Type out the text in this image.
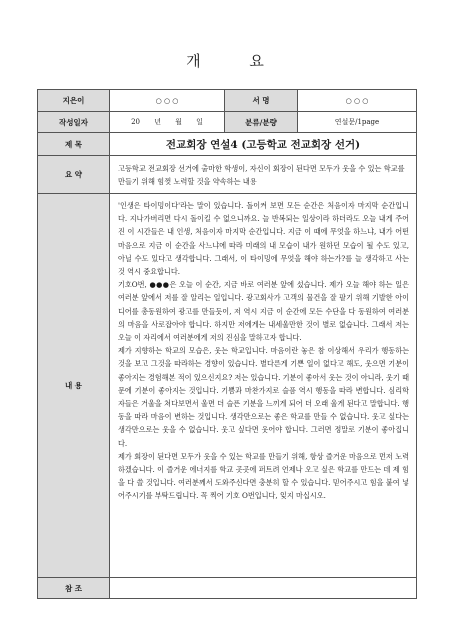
개 요
지은이	○ ○ ○	서 명	○ ○ ○
작성일자	20 년 월 일	분류/분량	연설문/1page
제 목	전교회장 연설4 (고등학교 전교회장 선거)		
요 약	고등학교 전교회장 선거에 출마한 학생이, 자신이 회장이 된다면 모두가 웃을 수 있는 학교를 만들기 위해 힘껏 노력할 것을 약속하는 내용		
내 용	'인생은 타이밍이다'라는 말이 있습니다. 돌이켜 보면 모든 순간은 처음이자 마지막 순간입니다. 지나가버리면 다시 돌이킬 수 없으니까요. 늘 반복되는 일상이라 하더라도 오늘 내게 주어진 이 시간들은 내 인생, 처음이자 마지막 순간입니다. 지금 이 때에 무엇을 하느냐, 내가 어떤 마음으로 지금 이 순간을 사느냐에 따라 미래의 내 모습이 내가 원하던 모습이 될 수도 있고, 아닐 수도 있다고 생각합니다. 그래서, 이 타이밍에 무엇을 해야 하는가?를 늘 생각하고 사는 것 역시 중요합니다.

기호O번, ●●●은 오늘 이 순간, 지금 바로 여러분 앞에 섰습니다. 제가 오늘 해야 하는 일은 여러분 앞에서 저를 잘 알리는 일입니다. 광고회사가 고객의 물건을 잘 팔기 위해 기발한 아이디어를 총동원하여 광고를 만들듯이, 저 역시 지금 이 순간에 모든 수단을 다 동원하여 여러분의 마음을 사로잡아야 합니다. 하지만 저에게는 내세울만한 것이 별로 없습니다. 그래서 저는 오늘 이 자리에서 여러분에게 저의 진심을 말하고자 합니다.

제가 지향하는 학교의 모습은, 웃는 학교입니다. 마음이란 놓은 참 이상해서 우리가 행동하는 것을 보고 그것을 따라하는 경향이 있습니다. 별다른게 기쁜 일이 없다고 해도, 웃으면 기분이 좋아지는 경험해본 적이 있으신지요? 저는 있습니다. 기분이 좋아서 웃는 것이 아니라, 웃기 때문에 기분이 좋아지는 것입니다. 기쁨과 마찬가지로 슬픔 역시 행동을 따라 변합니다. 심리학자들은 거울을 쳐다보면서 울면 더 슬픈 기분을 느끼게 되어 더 오래 울게 된다고 말합니다. 행동을 따라 마음이 변하는 것입니다. 생각만으로는 좋은 학교를 만들 수 없습니다. 웃고 싶다는 생각만으로는 웃을 수 없습니다. 웃고 싶다면 웃어야 합니다. 그러면 정말로 기분이 좋아집니다.

제가 회장이 된다면 모두가 웃을 수 있는 학교를 만들기 위해, 항상 즐거운 마음으로 먼저 노력하겠습니다. 이 즐거운 에너지를 학교 곳곳에 퍼트려 언제나 오고 싶은 학교를 만드는 데 제 힘을 다 쓸 것입니다. 여러분께서 도와주신다면 충분히 할 수 있습니다. 믿어주시고 힘을 붙여 넣어주시기를 부탁드립니다. 꼭 찍어 기호 O번입니다, 잊지 마십시오.		

참 조			
